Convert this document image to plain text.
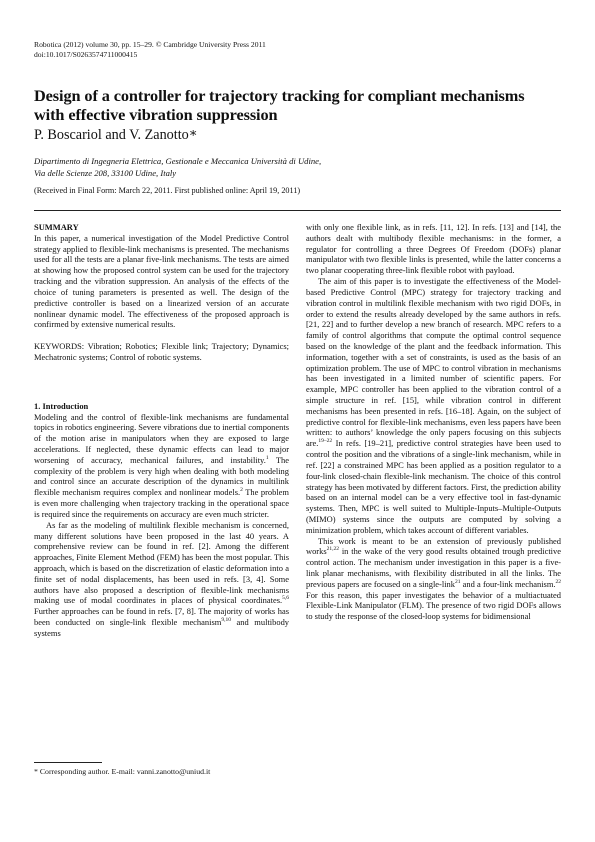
Robotica (2012) volume 30, pp. 15–29. © Cambridge University Press 2011
doi:10.1017/S0263574711000415
Design of a controller for trajectory tracking for compliant mechanisms with effective vibration suppression
P. Boscariol and V. Zanotto∗
Dipartimento di Ingegneria Elettrica, Gestionale e Meccanica Università di Udine,
Via delle Scienze 208, 33100 Udine, Italy
(Received in Final Form: March 22, 2011. First published online: April 19, 2011)

SUMMARY
In this paper, a numerical investigation of the Model Predictive Control strategy applied to flexible-link mechanisms is presented. The mechanisms used for all the tests are a planar five-link mechanisms. The tests are aimed at showing how the proposed control system can be used for the trajectory tracking and the vibration suppression. An analysis of the effects of the choice of tuning parameters is presented as well. The design of the predictive controller is based on a linearized version of an accurate nonlinear dynamic model. The effectiveness of the proposed approach is confirmed by extensive numerical results.

KEYWORDS: Vibration; Robotics; Flexible link; Trajectory; Dynamics; Mechatronic systems; Control of robotic systems.

1. Introduction

Modeling and the control of flexible-link mechanisms are fundamental topics in robotics engineering. Severe vibrations due to inertial components of the motion arise in manipulators when they are exposed to large accelerations. If neglected, these dynamic effects can lead to major worsening of accuracy, mechanical failures, and instability.$^1$ The complexity of the problem is very high when dealing with both modeling and control since an accurate description of the dynamics in multilink flexible mechanism requires complex and nonlinear models.$^2$ The problem is even more challenging when trajectory tracking in the operational space is required since the requirements on accuracy are even much stricter.

As far as the modeling of multilink flexible mechanism is concerned, many different solutions have been proposed in the last 40 years. A comprehensive review can be found in ref. [2]. Among the different approaches, Finite Element Method (FEM) has been the most popular. This approach, which is based on the discretization of elastic deformation into a finite set of nodal displacements, has been used in refs. [3, 4]. Some authors have also proposed a description of flexible-link mechanisms making use of modal coordinates in places of physical coordinates.$^{5,6}$ Further approaches can be found in refs. [7, 8]. The majority of works has been conducted on single-link flexible mechanism$^{9,10}$ and multibody systems

with only one flexible link, as in refs. [11, 12]. In refs. [13] and [14], the authors dealt with multibody flexible mechanisms: in the former, a regulator for controlling a three Degrees Of Freedom (DOFs) planar manipulator with two flexible links is presented, while the latter concerns a two planar cooperating three-link flexible robot with payload.

The aim of this paper is to investigate the effectiveness of the Model-based Predictive Control (MPC) strategy for trajectory tracking and vibration control in multilink flexible mechanism with two rigid DOFs, in order to extend the results already developed by the same authors in refs. [21, 22] and to further develop a new branch of research. MPC refers to a family of control algorithms that compute the optimal control sequence based on the knowledge of the plant and the feedback information. This information, together with a set of constraints, is used as the basis of an optimization problem. The use of MPC to control vibration in mechanisms has been investigated in a limited number of scientific papers. For example, MPC controller has been applied to the vibration control of a simple structure in ref. [15], while vibration control in different mechanisms has been presented in refs. [16–18]. Again, on the subject of predictive control for flexible-link mechanisms, even less papers have been written: to authors’ knowledge the only papers focusing on this subjects are.$^{19-22}$ In refs. [19–21], predictive control strategies have been used to control the position and the vibrations of a single-link mechanism, while in ref. [22] a constrained MPC has been applied as a position regulator to a four-link closed-chain flexible-link mechanism. The choice of this control strategy has been motivated by different factors. First, the prediction ability based on an internal model can be a very effective tool in fast-dynamic systems. Then, MPC is well suited to Multiple-Inputs–Multiple-Outputs (MIMO) systems since the outputs are computed by solving a minimization problem, which takes account of different variables.

This work is meant to be an extension of previously published works$^{21,22}$ in the wake of the very good results obtained trough predictive control action. The mechanism under investigation in this paper is a five-link planar mechanisms, with flexibility distributed in all the links. The previous papers are focused on a single-link$^{21}$ and a four-link mechanism.$^{22}$ For this reason, this paper investigates the behavior of a multiactuated Flexible-Link Manipulator (FLM). The presence of two rigid DOFs allows to study the response of the closed-loop systems for bidimensional

* Corresponding author. E-mail: vanni.zanotto@uniud.it
